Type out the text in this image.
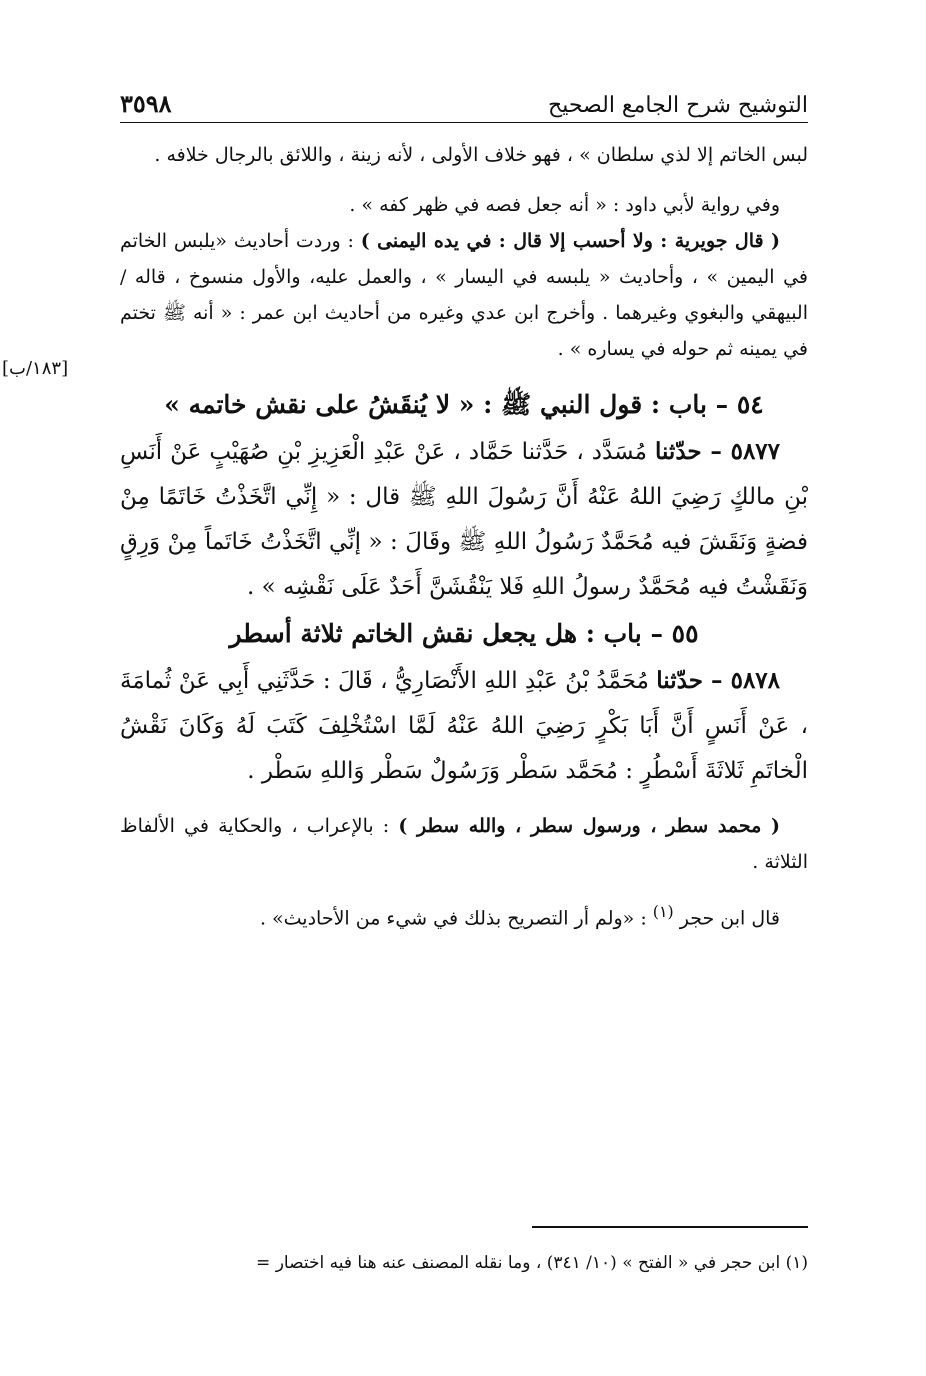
التوشيح شرح الجامع الصحيح
٣٥٩٨

لبس الخاتم إلا لذي سلطان » ، فهو خلاف الأولى ، لأنه زينة ، واللائق بالرجال خلافه .

وفي رواية لأبي داود : « أنه جعل فصه في ظهر كفه » .

( قال جويرية : ولا أحسب إلا قال : في يده اليمنى ) : وردت أحاديث «يلبس الخاتم في اليمين » ، وأحاديث « يلبسه في اليسار » ، والعمل عليه، والأول منسوخ ، قاله / البيهقي والبغوي وغيرهما . وأخرج ابن عدي وغيره من أحاديث ابن عمر : « أنه ﷺ تختم في يمينه ثم حوله في يساره » .

٥٤ – باب : قول النبي ﷺ : « لا يُنقَشُ على نقش خاتمه »

٥٨٧٧ – حدّثنا مُسَدَّد ، حَدَّثنا حَمَّاد ، عَنْ عَبْدِ الْعَزِيزِ بْنِ صُهَيْبٍ عَنْ أَنَسِ بْنِ مالكٍ رَضِيَ اللهُ عَنْهُ أَنَّ رَسُولَ اللهِ ﷺ قال : « إِنِّي اتَّخَذْتُ خَاتَمًا مِنْ فضةٍ وَنَقَشَ فيه مُحَمَّدٌ رَسُولُ اللهِ ﷺ وقَالَ : « إنِّي اتَّخَذْتُ خَاتَماً مِنْ وَرِقٍ وَنَقَشْتُ فيه مُحَمَّدٌ رسولُ اللهِ فَلا يَنْقُشَنَّ أَحَدٌ عَلَى نَقْشِه » .

٥٥ – باب : هل يجعل نقش الخاتم ثلاثة أسطر

٥٨٧٨ – حدّثنا مُحَمَّدُ بْنُ عَبْدِ اللهِ الأَنْصَارِيُّ ، قَالَ : حَدَّثَنِي أَبِي عَنْ ثُمامَةَ ، عَنْ أَنَسٍ أَنَّ أَبَا بَكْرٍ رَضِيَ اللهُ عَنْهُ لَمَّا اسْتُخْلِفَ كَتَبَ لَهُ وَكَانَ نَقْشُ الْخاتَمِ ثَلاثَةَ أَسْطُرٍ : مُحَمَّد سَطْر وَرَسُولٌ سَطْر وَاللهِ سَطْر .

( محمد سطر ، ورسول سطر ، والله سطر ) : بالإعراب ، والحكاية في الألفاظ الثلاثة .

قال ابن حجر $^{(١)}$ : «ولم أر التصريح بذلك في شيء من الأحاديث» .

[١٨٣/ب]
(١) ابن حجر في « الفتح » (١٠/ ٣٤١) ، وما نقله المصنف عنه هنا فيه اختصار =
